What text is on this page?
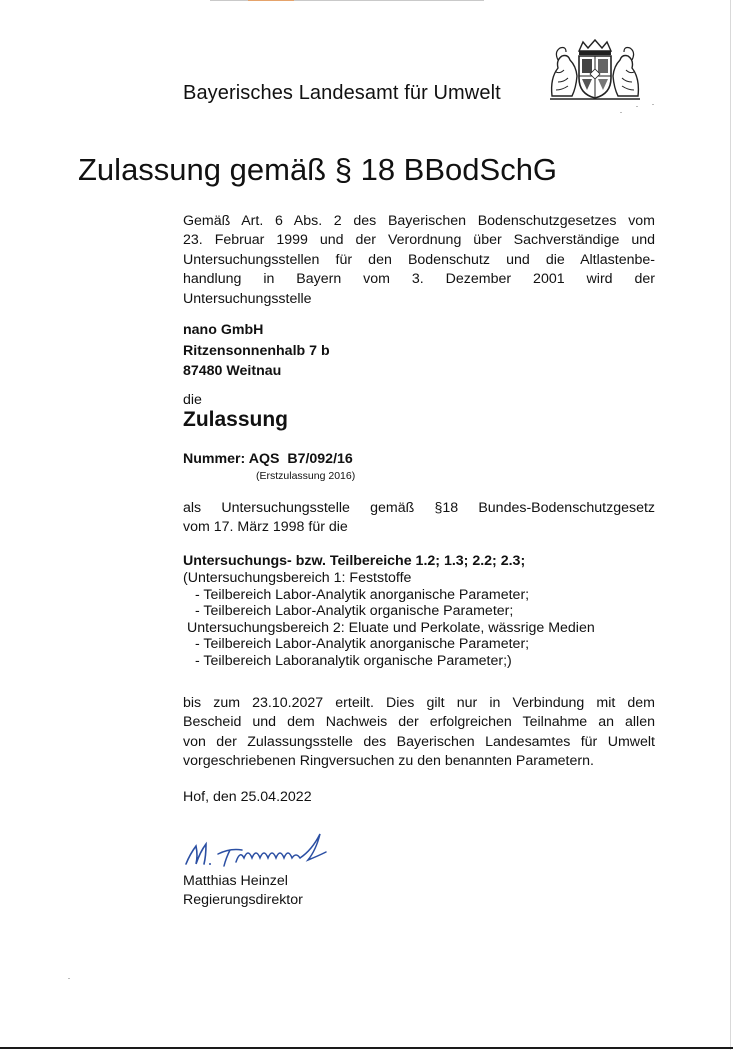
Bayerisches Landesamt für Umwelt
Zulassung gemäß § 18 BBodSchG
Gemäß Art. 6 Abs. 2 des Bayerischen Bodenschutzgesetzes vom
23. Februar 1999 und der Verordnung über Sachverständige und
Untersuchungsstellen für den Bodenschutz und die Altlastenbe-
handlung in Bayern vom 3. Dezember 2001 wird der
Untersuchungsstelle
nano GmbH
Ritzensonnenhalb 7 b
87480 Weitnau
die
Zulassung
Nummer: AQS  B7/092/16
(Erstzulassung 2016)
als Untersuchungsstelle gemäß §18 Bundes-Bodenschutzgesetz
vom 17. März 1998 für die
Untersuchungs- bzw. Teilbereiche 1.2; 1.3; 2.2; 2.3;
(Untersuchungsbereich 1: Feststoffe
- Teilbereich Labor-Analytik anorganische Parameter;
- Teilbereich Labor-Analytik organische Parameter;
Untersuchungsbereich 2: Eluate und Perkolate, wässrige Medien
- Teilbereich Labor-Analytik anorganische Parameter;
- Teilbereich Laboranalytik organische Parameter;)
bis zum 23.10.2027 erteilt. Dies gilt nur in Verbindung mit dem
Bescheid und dem Nachweis der erfolgreichen Teilnahme an allen
von der Zulassungsstelle des Bayerischen Landesamtes für Umwelt
vorgeschriebenen Ringversuchen zu den benannten Parametern.
Hof, den 25.04.2022
Matthias Heinzel
Regierungsdirektor
